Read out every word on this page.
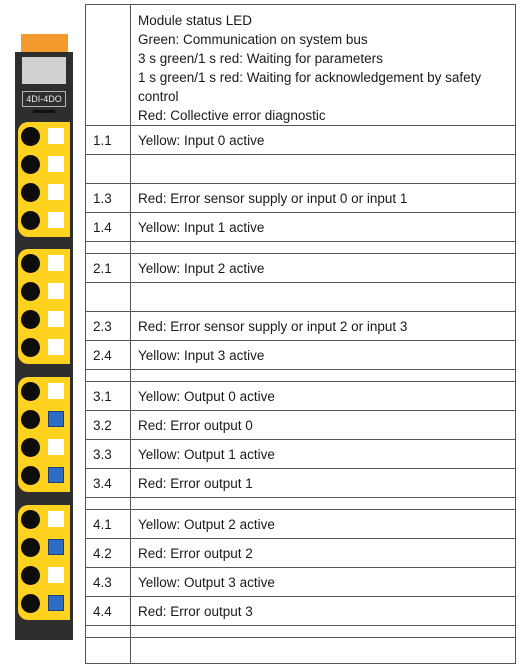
4DI-4DO

	Module status LED
Green: Communication on system bus
3 s green/1 s red: Waiting for parameters
1 s green/1 s red: Waiting for acknowledgement by safety control
Red: Collective error diagnostic

1.1	Yellow: Input 0 active

1.3	Red: Error sensor supply or input 0 or input 1
1.4	Yellow: Input 1 active

2.1	Yellow: Input 2 active

2.3	Red: Error sensor supply or input 2 or input 3
2.4	Yellow: Input 3 active

3.1	Yellow: Output 0 active
3.2	Red: Error output 0
3.3	Yellow: Output 1 active
3.4	Red: Error output 1

4.1	Yellow: Output 2 active
4.2	Red: Error output 2
4.3	Yellow: Output 3 active
4.4	Red: Error output 3
